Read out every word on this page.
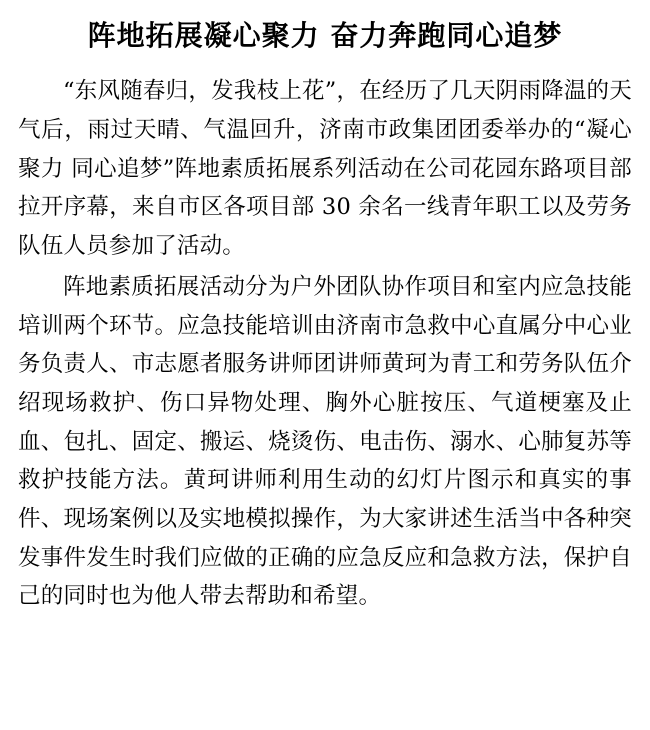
阵地拓展凝心聚力 奋力奔跑同心追梦

“东风随春归，发我枝上花”，在经历了几天阴雨降温的天气后，雨过天晴、气温回升，济南市政集团团委举办的“凝心聚力 同心追梦”阵地素质拓展系列活动在公司花园东路项目部拉开序幕，来自市区各项目部 30 余名一线青年职工以及劳务队伍人员参加了活动。

阵地素质拓展活动分为户外团队协作项目和室内应急技能培训两个环节。应急技能培训由济南市急救中心直属分中心业务负责人、市志愿者服务讲师团讲师黄珂为青工和劳务队伍介绍现场救护、伤口异物处理、胸外心脏按压、气道梗塞及止血、包扎、固定、搬运、烧烫伤、电击伤、溺水、心肺复苏等救护技能方法。黄珂讲师利用生动的幻灯片图示和真实的事件、现场案例以及实地模拟操作，为大家讲述生活当中各种突发事件发生时我们应做的正确的应急反应和急救方法，保护自己的同时也为他人带去帮助和希望。
